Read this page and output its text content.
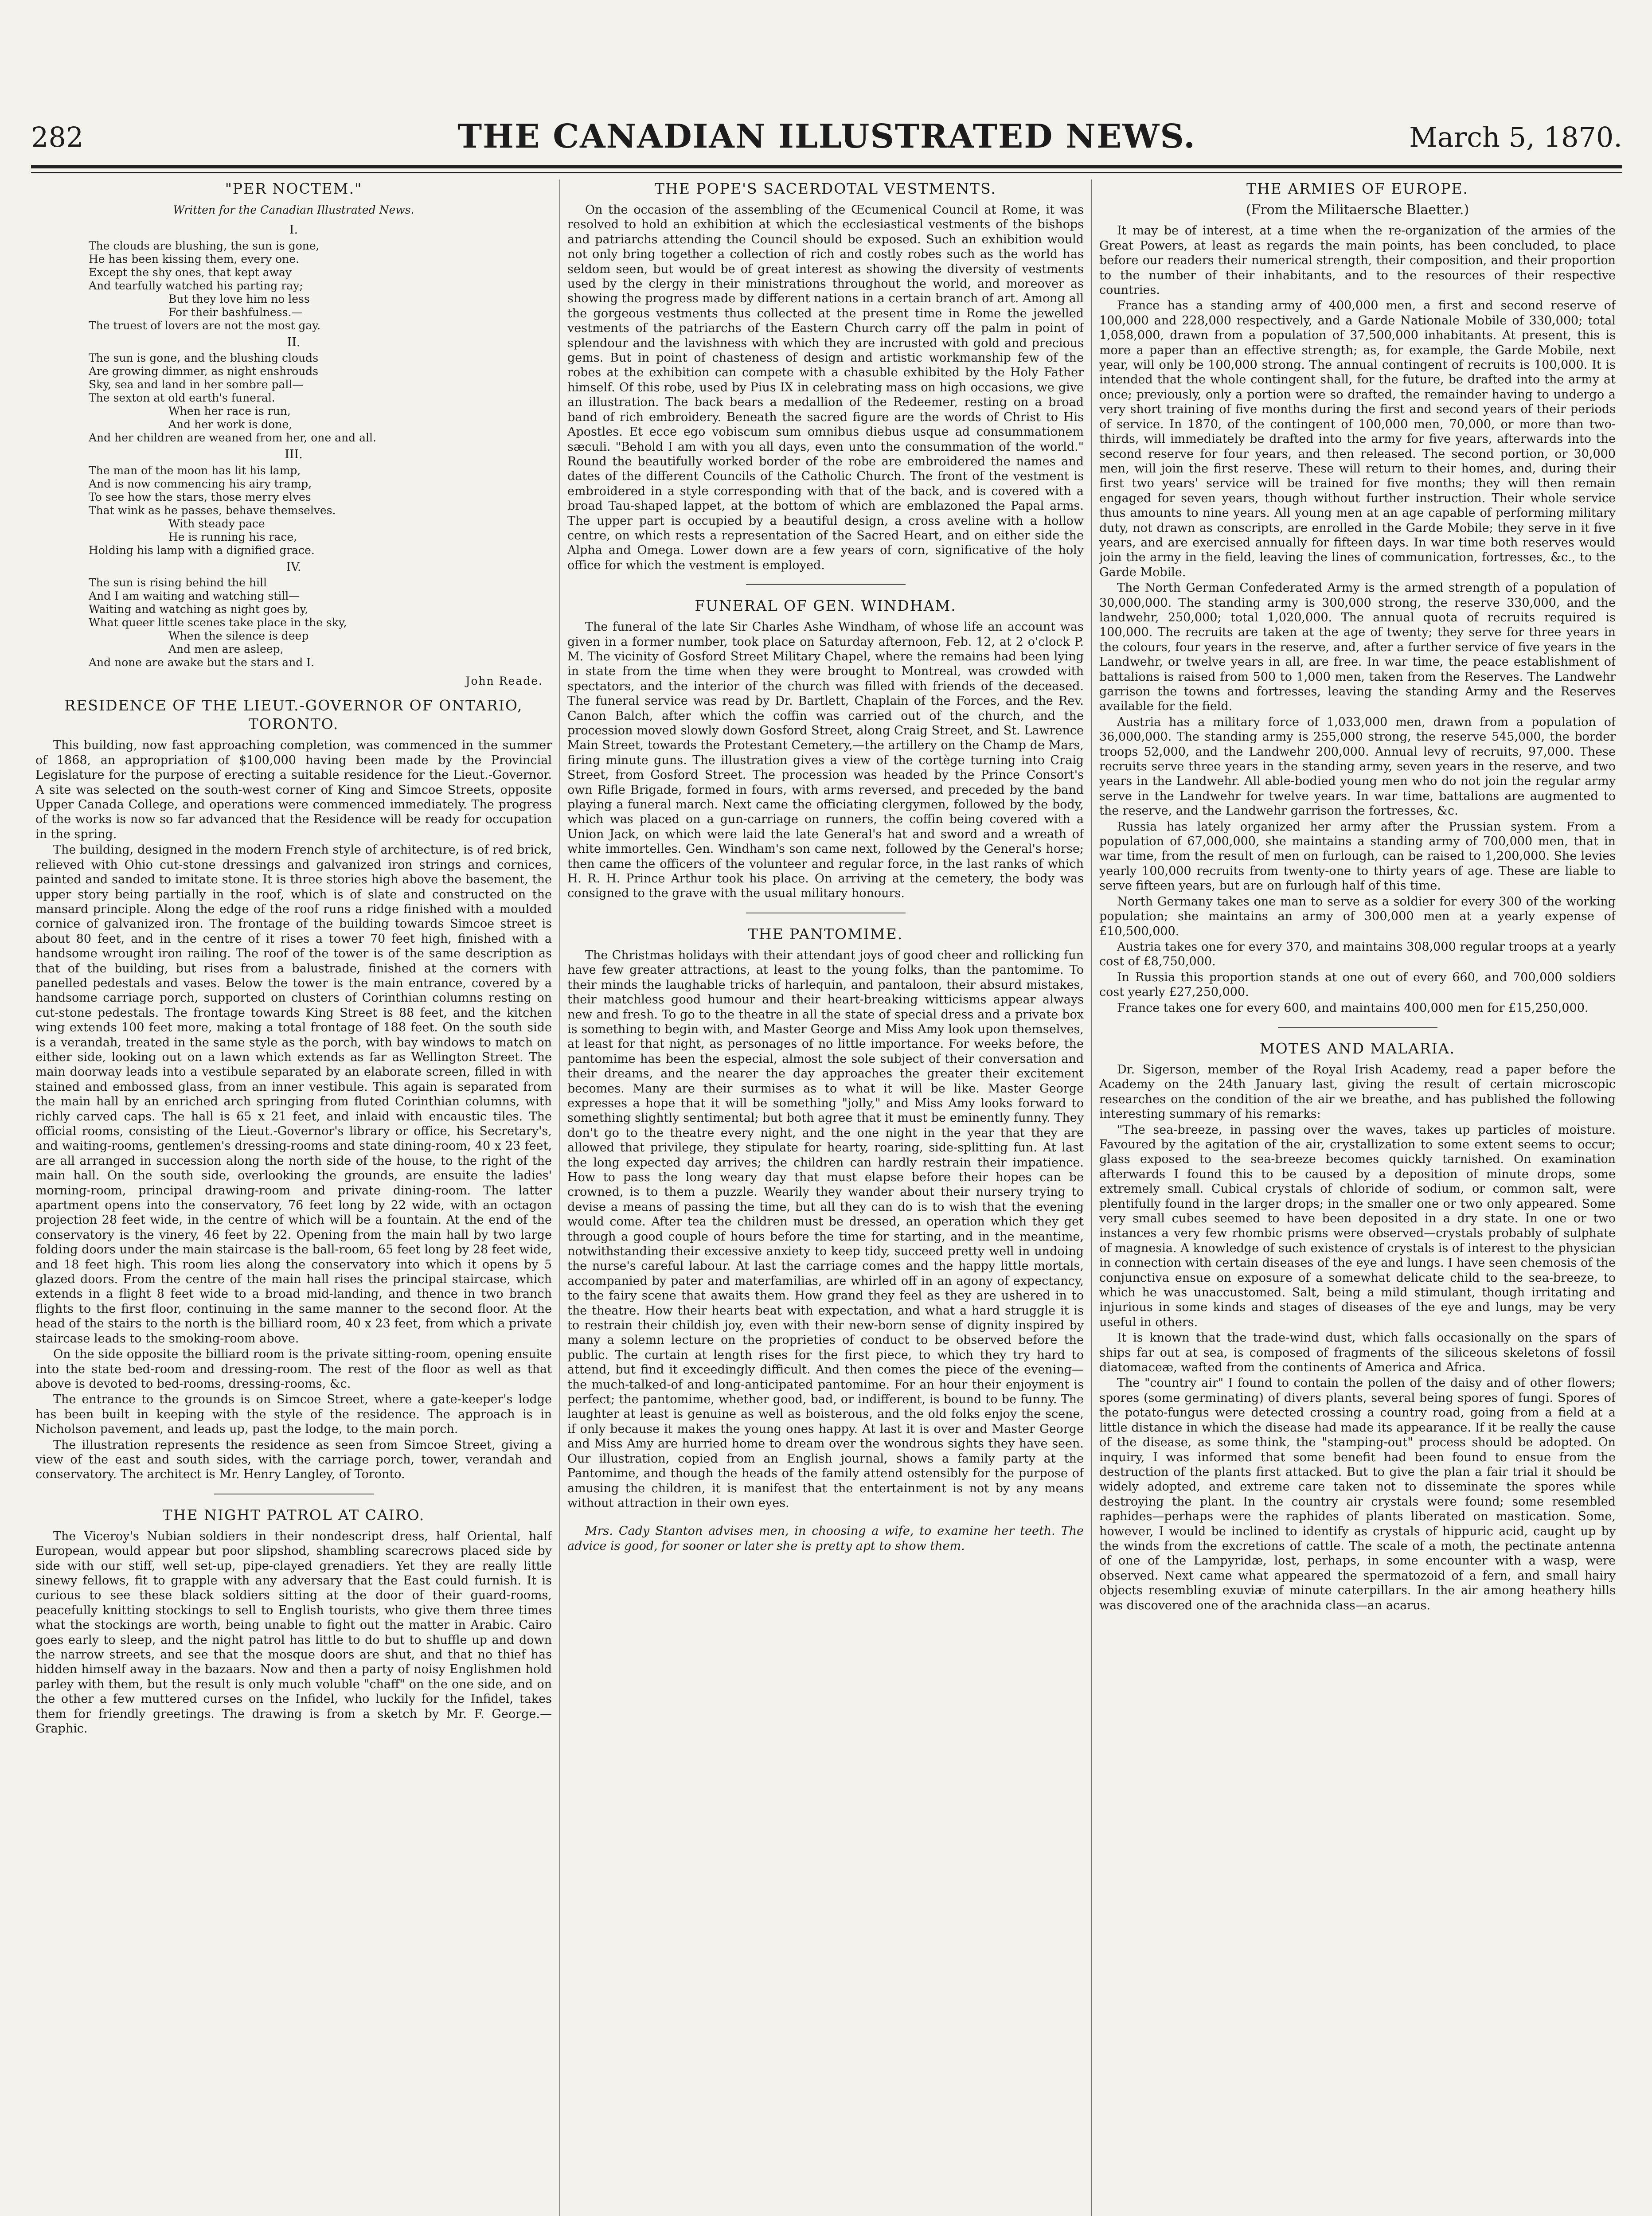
282	THE CANADIAN ILLUSTRATED NEWS.	March 5, 1870.
"PER NOCTEM."
Written for the Canadian Illustrated News.
I.
The clouds are blushing, the sun is gone,
He has been kissing them, every one.
Except the shy ones, that kept away
And tearfully watched his parting ray;
But they love him no less
For their bashfulness.—
The truest of lovers are not the most gay.
II.
The sun is gone, and the blushing clouds
Are growing dimmer, as night enshrouds
Sky, sea and land in her sombre pall—
The sexton at old earth's funeral.
When her race is run,
And her work is done,
And her children are weaned from her, one and all.
III.
The man of the moon has lit his lamp,
And is now commencing his airy tramp,
To see how the stars, those merry elves
That wink as he passes, behave themselves.
With steady pace
He is running his race,
Holding his lamp with a dignified grace.
IV.
The sun is rising behind the hill
And I am waiting and watching still—
Waiting and watching as night goes by,
What queer little scenes take place in the sky,
When the silence is deep
And men are asleep,
And none are awake but the stars and I.
John Reade.
RESIDENCE OF THE LIEUT.-GOVERNOR OF ONTARIO, TORONTO.

This building, now fast approaching completion, was commenced in the summer of 1868, an appropriation of $100,000 having been made by the Provincial Legislature for the purpose of erecting a suitable residence for the Lieut.-Governor. A site was selected on the south-west corner of King and Simcoe Streets, opposite Upper Canada College, and operations were commenced immediately. The progress of the works is now so far advanced that the Residence will be ready for occupation in the spring.

The building, designed in the modern French style of architecture, is of red brick, relieved with Ohio cut-stone dressings and galvanized iron strings and cornices, painted and sanded to imitate stone. It is three stories high above the basement, the upper story being partially in the roof, which is of slate and constructed on the mansard principle. Along the edge of the roof runs a ridge finished with a moulded cornice of galvanized iron. The frontage of the building towards Simcoe street is about 80 feet, and in the centre of it rises a tower 70 feet high, finished with a handsome wrought iron railing. The roof of the tower is of the same description as that of the building, but rises from a balustrade, finished at the corners with panelled pedestals and vases. Below the tower is the main entrance, covered by a handsome carriage porch, supported on clusters of Corinthian columns resting on cut-stone pedestals. The frontage towards King Street is 88 feet, and the kitchen wing extends 100 feet more, making a total frontage of 188 feet. On the south side is a verandah, treated in the same style as the porch, with bay windows to match on either side, looking out on a lawn which extends as far as Wellington Street. The main doorway leads into a vestibule separated by an elaborate screen, filled in with stained and embossed glass, from an inner vestibule. This again is separated from the main hall by an enriched arch springing from fluted Corinthian columns, with richly carved caps. The hall is 65 x 21 feet, and inlaid with encaustic tiles. The official rooms, consisting of the Lieut.-Governor's library or office, his Secretary's, and waiting-rooms, gentlemen's dressing-rooms and state dining-room, 40 x 23 feet, are all arranged in succession along the north side of the house, to the right of the main hall. On the south side, overlooking the grounds, are ensuite the ladies' morning-room, principal drawing-room and private dining-room. The latter apartment opens into the conservatory, 76 feet long by 22 wide, with an octagon projection 28 feet wide, in the centre of which will be a fountain. At the end of the conservatory is the vinery, 46 feet by 22. Opening from the main hall by two large folding doors under the main staircase is the ball-room, 65 feet long by 28 feet wide, and 18 feet high. This room lies along the conservatory into which it opens by 5 glazed doors. From the centre of the main hall rises the principal staircase, which extends in a flight 8 feet wide to a broad mid-landing, and thence in two branch flights to the first floor, continuing in the same manner to the second floor. At the head of the stairs to the north is the billiard room, 40 x 23 feet, from which a private staircase leads to the smoking-room above.

On the side opposite the billiard room is the private sitting-room, opening ensuite into the state bed-room and dressing-room. The rest of the floor as well as that above is devoted to bed-rooms, dressing-rooms, &c.

The entrance to the grounds is on Simcoe Street, where a gate-keeper's lodge has been built in keeping with the style of the residence. The approach is in Nicholson pavement, and leads up, past the lodge, to the main porch.

The illustration represents the residence as seen from Simcoe Street, giving a view of the east and south sides, with the carriage porch, tower, verandah and conservatory. The architect is Mr. Henry Langley, of Toronto.

THE NIGHT PATROL AT CAIRO.

The Viceroy's Nubian soldiers in their nondescript dress, half Oriental, half European, would appear but poor slipshod, shambling scarecrows placed side by side with our stiff, well set-up, pipe-clayed grenadiers. Yet they are really little sinewy fellows, fit to grapple with any adversary that the East could furnish. It is curious to see these black soldiers sitting at the door of their guard-rooms, peacefully knitting stockings to sell to English tourists, who give them three times what the stockings are worth, being unable to fight out the matter in Arabic. Cairo goes early to sleep, and the night patrol has little to do but to shuffle up and down the narrow streets, and see that the mosque doors are shut, and that no thief has hidden himself away in the bazaars. Now and then a party of noisy Englishmen hold parley with them, but the result is only much voluble "chaff" on the one side, and on the other a few muttered curses on the Infidel, who luckily for the Infidel, takes them for friendly greetings. The drawing is from a sketch by Mr. F. George.—Graphic.

THE POPE'S SACERDOTAL VESTMENTS.

On the occasion of the assembling of the Œcumenical Council at Rome, it was resolved to hold an exhibition at which the ecclesiastical vestments of the bishops and patriarchs attending the Council should be exposed. Such an exhibition would not only bring together a collection of rich and costly robes such as the world has seldom seen, but would be of great interest as showing the diversity of vestments used by the clergy in their ministrations throughout the world, and moreover as showing the progress made by different nations in a certain branch of art. Among all the gorgeous vestments thus collected at the present time in Rome the jewelled vestments of the patriarchs of the Eastern Church carry off the palm in point of splendour and the lavishness with which they are incrusted with gold and precious gems. But in point of chasteness of design and artistic workmanship few of the robes at the exhibition can compete with a chasuble exhibited by the Holy Father himself. Of this robe, used by Pius IX in celebrating mass on high occasions, we give an illustration. The back bears a medallion of the Redeemer, resting on a broad band of rich embroidery. Beneath the sacred figure are the words of Christ to His Apostles. Et ecce ego vobiscum sum omnibus diebus usque ad consummationem sæculi. "Behold I am with you all days, even unto the consummation of the world." Round the beautifully worked border of the robe are embroidered the names and dates of the different Councils of the Catholic Church. The front of the vestment is embroidered in a style corresponding with that of the back, and is covered with a broad Tau-shaped lappet, at the bottom of which are emblazoned the Papal arms. The upper part is occupied by a beautiful design, a cross aveline with a hollow centre, on which rests a representation of the Sacred Heart, and on either side the Alpha and Omega. Lower down are a few years of corn, significative of the holy office for which the vestment is employed.

FUNERAL OF GEN. WINDHAM.

The funeral of the late Sir Charles Ashe Windham, of whose life an account was given in a former number, took place on Saturday afternoon, Feb. 12, at 2 o'clock P. M. The vicinity of Gosford Street Military Chapel, where the remains had been lying in state from the time when they were brought to Montreal, was crowded with spectators, and the interior of the church was filled with friends of the deceased. The funeral service was read by Dr. Bartlett, Chaplain of the Forces, and the Rev. Canon Balch, after which the coffin was carried out of the church, and the procession moved slowly down Gosford Street, along Craig Street, and St. Lawrence Main Street, towards the Protestant Cemetery,—the artillery on the Champ de Mars, firing minute guns. The illustration gives a view of the cortège turning into Craig Street, from Gosford Street. The procession was headed by the Prince Consort's own Rifle Brigade, formed in fours, with arms reversed, and preceded by the band playing a funeral march. Next came the officiating clergymen, followed by the body, which was placed on a gun-carriage on runners, the coffin being covered with a Union Jack, on which were laid the late General's hat and sword and a wreath of white immortelles. Gen. Windham's son came next, followed by the General's horse; then came the officers of the volunteer and regular force, in the last ranks of which H. R. H. Prince Arthur took his place. On arriving at the cemetery, the body was consigned to the grave with the usual military honours.

THE PANTOMIME.

The Christmas holidays with their attendant joys of good cheer and rollicking fun have few greater attractions, at least to the young folks, than the pantomime. To their minds the laughable tricks of harlequin, and pantaloon, their absurd mistakes, their matchless good humour and their heart-breaking witticisms appear always new and fresh. To go to the theatre in all the state of special dress and a private box is something to begin with, and Master George and Miss Amy look upon themselves, at least for that night, as personages of no little importance. For weeks before, the pantomime has been the especial, almost the sole subject of their conversation and their dreams, and the nearer the day approaches the greater their excitement becomes. Many are their surmises as to what it will be like. Master George expresses a hope that it will be something "jolly," and Miss Amy looks forward to something slightly sentimental; but both agree that it must be eminently funny. They don't go to the theatre every night, and the one night in the year that they are allowed that privilege, they stipulate for hearty, roaring, side-splitting fun. At last the long expected day arrives; the children can hardly restrain their impatience. How to pass the long weary day that must elapse before their hopes can be crowned, is to them a puzzle. Wearily they wander about their nursery trying to devise a means of passing the time, but all they can do is to wish that the evening would come. After tea the children must be dressed, an operation which they get through a good couple of hours before the time for starting, and in the meantime, notwithstanding their excessive anxiety to keep tidy, succeed pretty well in undoing the nurse's careful labour. At last the carriage comes and the happy little mortals, accompanied by pater and materfamilias, are whirled off in an agony of expectancy, to the fairy scene that awaits them. How grand they feel as they are ushered in to the theatre. How their hearts beat with expectation, and what a hard struggle it is to restrain their childish joy, even with their new-born sense of dignity inspired by many a solemn lecture on the proprieties of conduct to be observed before the public. The curtain at length rises for the first piece, to which they try hard to attend, but find it exceedingly difficult. And then comes the piece of the evening—the much-talked-of and long-anticipated pantomime. For an hour their enjoyment is perfect; the pantomime, whether good, bad, or indifferent, is bound to be funny. The laughter at least is genuine as well as boisterous, and the old folks enjoy the scene, if only because it makes the young ones happy. At last it is over and Master George and Miss Amy are hurried home to dream over the wondrous sights they have seen. Our illustration, copied from an English journal, shows a family party at the Pantomime, and though the heads of the family attend ostensibly for the purpose of amusing the children, it is manifest that the entertainment is not by any means without attraction in their own eyes.

Mrs. Cady Stanton advises men, in choosing a wife, to examine her teeth. The advice is good, for sooner or later she is pretty apt to show them.

THE ARMIES OF EUROPE.
(From the Militaersche Blaetter.)

It may be of interest, at a time when the re-organization of the armies of the Great Powers, at least as regards the main points, has been concluded, to place before our readers their numerical strength, their composition, and their proportion to the number of their inhabitants, and to the resources of their respective countries.

France has a standing army of 400,000 men, a first and second reserve of 100,000 and 228,000 respectively, and a Garde Nationale Mobile of 330,000; total 1,058,000, drawn from a population of 37,500,000 inhabitants. At present, this is more a paper than an effective strength; as, for example, the Garde Mobile, next year, will only be 100,000 strong. The annual contingent of recruits is 100,000. It is intended that the whole contingent shall, for the future, be drafted into the army at once; previously, only a portion were so drafted, the remainder having to undergo a very short training of five months during the first and second years of their periods of service. In 1870, of the contingent of 100,000 men, 70,000, or more than two-thirds, will immediately be drafted into the army for five years, afterwards into the second reserve for four years, and then released. The second portion, or 30,000 men, will join the first reserve. These will return to their homes, and, during their first two years' service will be trained for five months; they will then remain engaged for seven years, though without further instruction. Their whole service thus amounts to nine years. All young men at an age capable of performing military duty, not drawn as conscripts, are enrolled in the Garde Mobile; they serve in it five years, and are exercised annually for fifteen days. In war time both reserves would join the army in the field, leaving the lines of communication, fortresses, &c., to the Garde Mobile.

The North German Confederated Army is the armed strength of a population of 30,000,000. The standing army is 300,000 strong, the reserve 330,000, and the landwehr, 250,000; total 1,020,000. The annual quota of recruits required is 100,000. The recruits are taken at the age of twenty; they serve for three years in the colours, four years in the reserve, and, after a further service of five years in the Landwehr, or twelve years in all, are free. In war time, the peace establishment of battalions is raised from 500 to 1,000 men, taken from the Reserves. The Landwehr garrison the towns and fortresses, leaving the standing Army and the Reserves available for the field.

Austria has a military force of 1,033,000 men, drawn from a population of 36,000,000. The standing army is 255,000 strong, the reserve 545,000, the border troops 52,000, and the Landwehr 200,000. Annual levy of recruits, 97,000. These recruits serve three years in the standing army, seven years in the reserve, and two years in the Landwehr. All able-bodied young men who do not join the regular army serve in the Landwehr for twelve years. In war time, battalions are augmented to the reserve, and the Landwehr garrison the fortresses, &c.

Russia has lately organized her army after the Prussian system. From a population of 67,000,000, she maintains a standing army of 700,000 men, that in war time, from the result of men on furlough, can be raised to 1,200,000. She levies yearly 100,000 recruits from twenty-one to thirty years of age. These are liable to serve fifteen years, but are on furlough half of this time.

North Germany takes one man to serve as a soldier for every 300 of the working population; she maintains an army of 300,000 men at a yearly expense of £10,500,000.

Austria takes one for every 370, and maintains 308,000 regular troops at a yearly cost of £8,750,000.

In Russia this proportion stands at one out of every 660, and 700,000 soldiers cost yearly £27,250,000.

France takes one for every 600, and maintains 400,000 men for £15,250,000.

MOTES AND MALARIA.

Dr. Sigerson, member of the Royal Irish Academy, read a paper before the Academy on the 24th January last, giving the result of certain microscopic researches on the condition of the air we breathe, and has published the following interesting summary of his remarks:

"The sea-breeze, in passing over the waves, takes up particles of moisture. Favoured by the agitation of the air, crystallization to some extent seems to occur; glass exposed to the sea-breeze becomes quickly tarnished. On examination afterwards I found this to be caused by a deposition of minute drops, some extremely small. Cubical crystals of chloride of sodium, or common salt, were plentifully found in the larger drops; in the smaller one or two only appeared. Some very small cubes seemed to have been deposited in a dry state. In one or two instances a very few rhombic prisms were observed—crystals probably of sulphate of magnesia. A knowledge of such existence of crystals is of interest to the physician in connection with certain diseases of the eye and lungs. I have seen chemosis of the conjunctiva ensue on exposure of a somewhat delicate child to the sea-breeze, to which he was unaccustomed. Salt, being a mild stimulant, though irritating and injurious in some kinds and stages of diseases of the eye and lungs, may be very useful in others.

It is known that the trade-wind dust, which falls occasionally on the spars of ships far out at sea, is composed of fragments of the siliceous skeletons of fossil diatomaceæ, wafted from the continents of America and Africa.

The "country air" I found to contain the pollen of the daisy and of other flowers; spores (some germinating) of divers plants, several being spores of fungi. Spores of the potato-fungus were detected crossing a country road, going from a field at a little distance in which the disease had made its appearance. If it be really the cause of the disease, as some think, the "stamping-out" process should be adopted. On inquiry, I was informed that some benefit had been found to ensue from the destruction of the plants first attacked. But to give the plan a fair trial it should be widely adopted, and extreme care taken not to disseminate the spores while destroying the plant. In the country air crystals were found; some resembled raphides—perhaps were the raphides of plants liberated on mastication. Some, however, I would be inclined to identify as crystals of hippuric acid, caught up by the winds from the excretions of cattle. The scale of a moth, the pectinate antenna of one of the Lampyridæ, lost, perhaps, in some encounter with a wasp, were observed. Next came what appeared the spermatozoid of a fern, and small hairy objects resembling exuviæ of minute caterpillars. In the air among heathery hills was discovered one of the arachnida class—an acarus.
